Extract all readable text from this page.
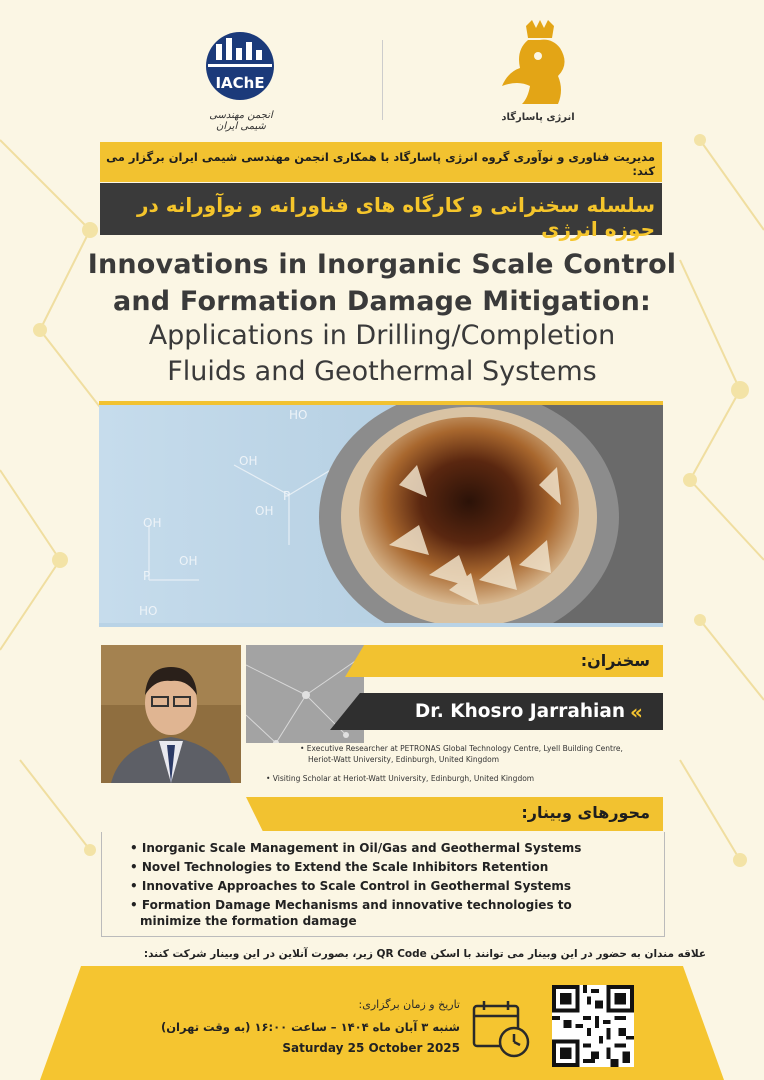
IAChE
انجمن مهندسی شیمی ایران
انرژی پاسارگاد
مدیریت فناوری و نوآوری گروه انرژی پاسارگاد با همکاری انجمن مهندسی شیمی ایران برگزار می کند:
سلسله سخنرانی و کارگاه های فناورانه و نوآورانه در حوزه انرژی
Innovations in Inorganic Scale Control
and Formation Damage Mitigation:
Applications in Drilling/Completion
Fluids and Geothermal Systems
HO
P
OH
OH
P
OH
HO
OH
سخنران:
Dr. Khosro Jarrahian «
• Executive Researcher at PETRONAS Global Technology Centre, Lyell Building Centre,
Heriot-Watt University, Edinburgh, United Kingdom
• Visiting Scholar at Heriot-Watt University, Edinburgh, United Kingdom
محورهای وبینار:
• Inorganic Scale Management in Oil/Gas and Geothermal Systems
• Novel Technologies to Extend the Scale Inhibitors Retention
• Innovative Approaches to Scale Control in Geothermal Systems
• Formation Damage Mechanisms and innovative technologies to
minimize the formation damage
علاقه مندان به حضور در این وبینار می توانند با اسکن QR Code زیر، بصورت آنلاین در این وبینار شرکت کنند:
تاریخ و زمان برگزاری:
شنبه ۳ آبان ماه ۱۴۰۴ – ساعت ۱۶:۰۰ (به وقت تهران)
Saturday 25 October 2025
